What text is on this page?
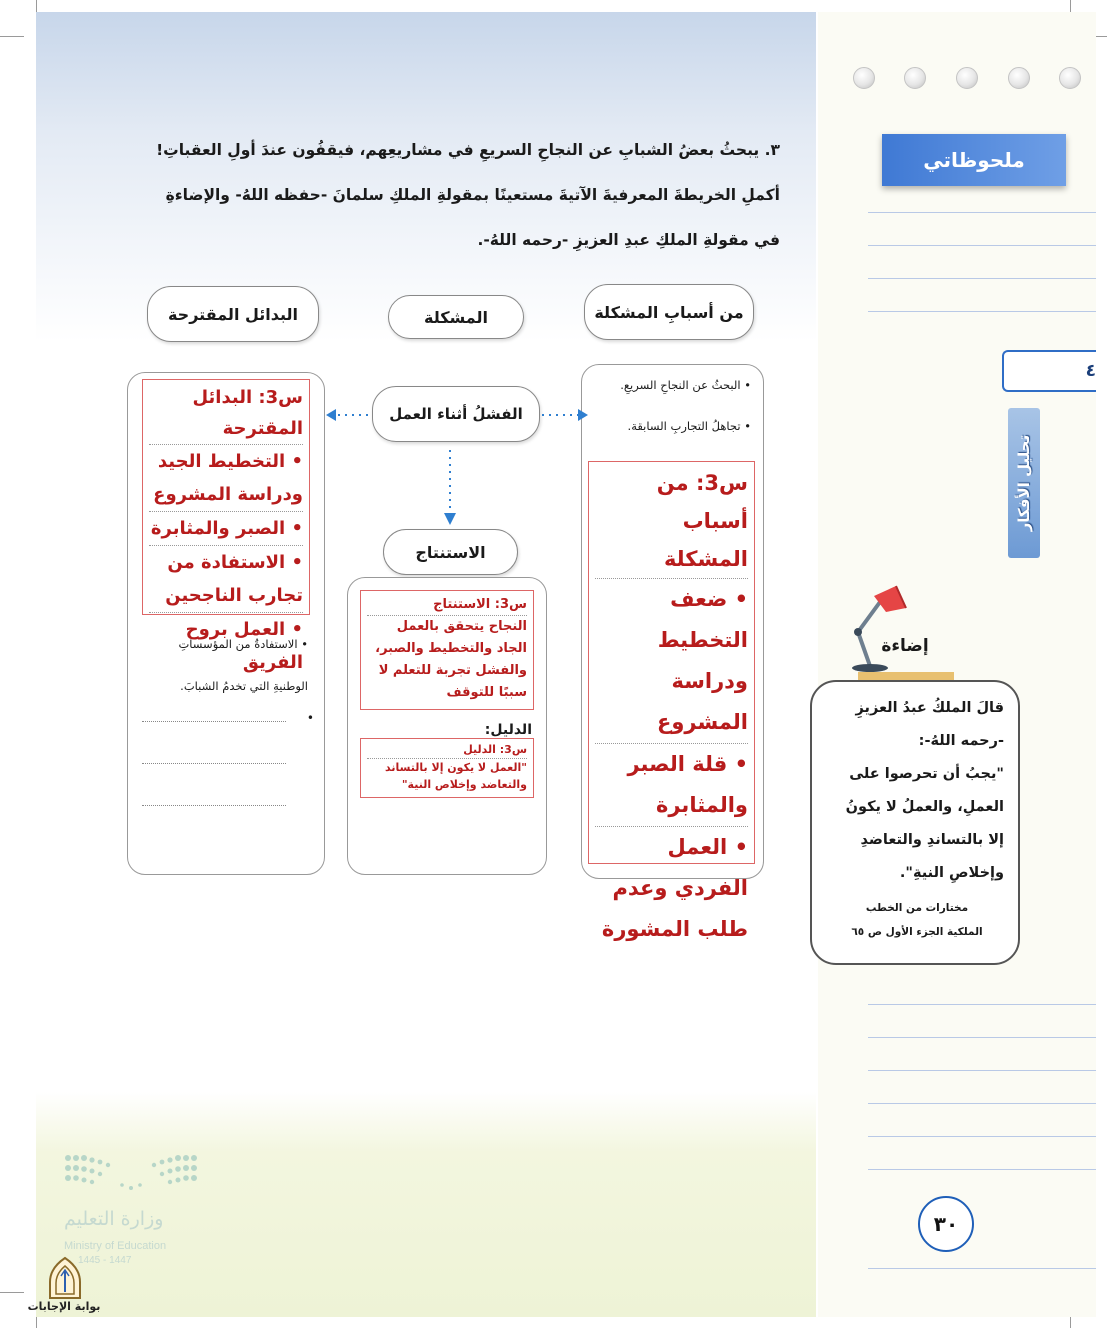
٣. يبحثُ بعضُ الشبابِ عن النجاحِ السريعِ في مشاريعِهم، فيقفُون عندَ أولِ العقباتِ!
أكملِ الخريطةَ المعرفيةَ الآتيةَ مستعينًا بمقولةِ الملكِ سلمانَ -حفظه اللهُ- والإضاءةِ
في مقولةِ الملكِ عبدِ العزيزِ -رحمه اللهُ-.
من أسبابِ المشكلة
المشكلة
البدائل المقترحة
• البحثُ عن النجاحِ السريعِ.
• تجاهلُ التجاربِ السابقة.
س3: من أسباب المشكلة
• ضعف التخطيط ودراسة المشروع
• قلة الصبر والمثابرة
• العمل الفردي وعدم طلب المشورة
الفشلُ أثناء العمل
الاستنتاج
س3: الاستنتاج
النجاح يتحقق بالعمل الجاد والتخطيط والصبر، والفشل تجربة للتعلم لا سببًا للتوقف
الدليل:
س3: الدليل
"العمل لا يكون إلا بالتساند والتعاضد وإخلاص النية"
س3: البدائل المقترحة
• التخطيط الجيد ودراسة المشروع
• الصبر والمثابرة
• الاستفادة من تجارب الناجحين
• العمل بروح الفريق
• الاستفادةُ من المؤسساتِ
الوطنيةِ التي تخدمُ الشبابَ.
•
وزارة التعليم
Ministry of Education
1445 - 1447
بوابة الإجابات
ملحوظاتي
٤
تحليل الأفكار
إضاءة
قالَ الملكُ عبدُ العزيزِ
-رحمه اللهُ-:
"يجبُ أن تحرصوا على
العملِ، والعملُ لا يكونُ
إلا بالتساندِ والتعاضدِ
وإخلاصِ النيةِ".
مختارات من الخطب
الملكية الجزء الأول ص ٦٥
٣٠
